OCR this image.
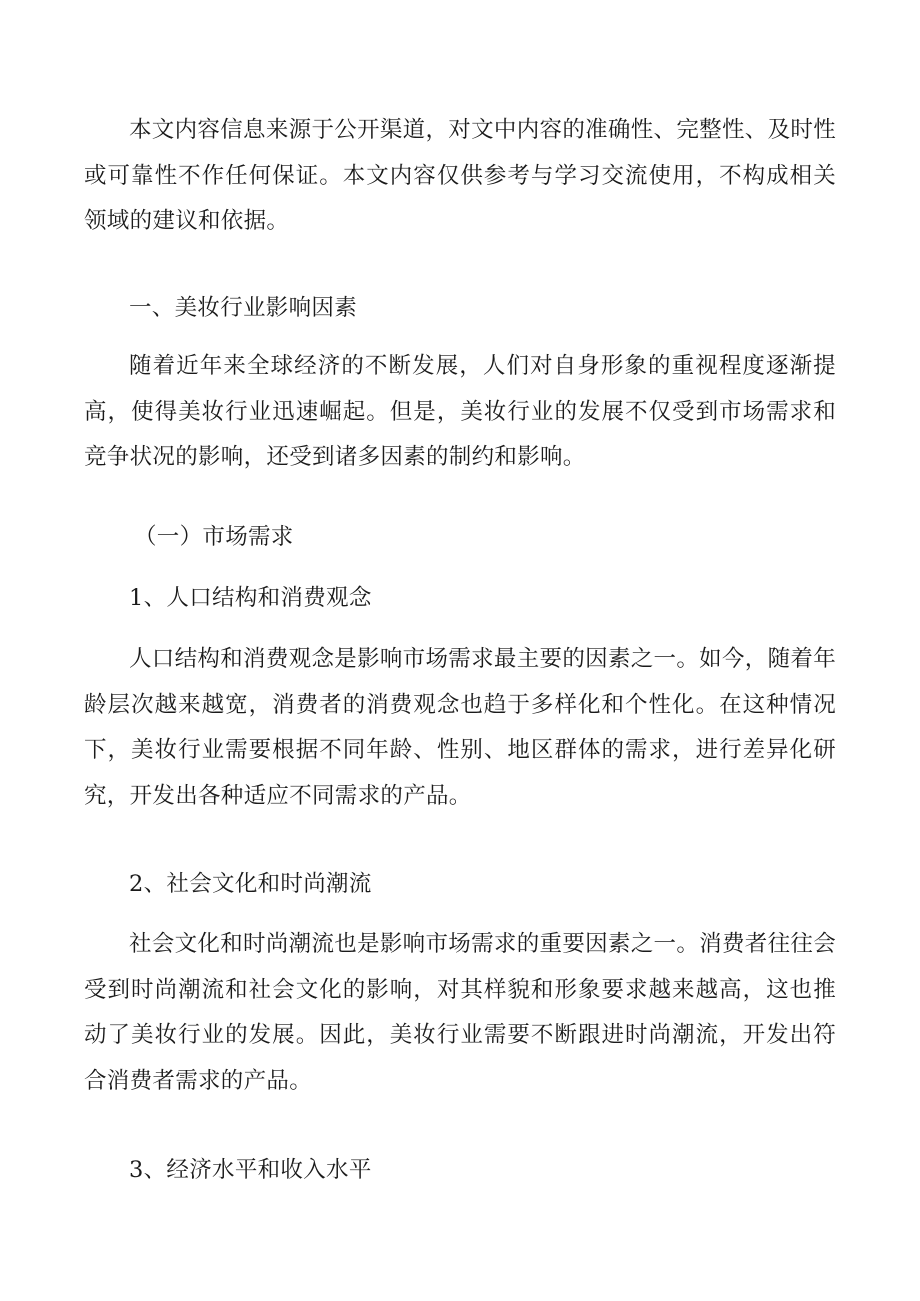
本文内容信息来源于公开渠道，对文中内容的准确性、完整性、及时性或可靠性不作任何保证。本文内容仅供参考与学习交流使用，不构成相关领域的建议和依据。

一、美妆行业影响因素

随着近年来全球经济的不断发展，人们对自身形象的重视程度逐渐提高，使得美妆行业迅速崛起。但是，美妆行业的发展不仅受到市场需求和竞争状况的影响，还受到诸多因素的制约和影响。

（一）市场需求

1、人口结构和消费观念

人口结构和消费观念是影响市场需求最主要的因素之一。如今，随着年龄层次越来越宽，消费者的消费观念也趋于多样化和个性化。在这种情况下，美妆行业需要根据不同年龄、性别、地区群体的需求，进行差异化研究，开发出各种适应不同需求的产品。

2、社会文化和时尚潮流

社会文化和时尚潮流也是影响市场需求的重要因素之一。消费者往往会受到时尚潮流和社会文化的影响，对其样貌和形象要求越来越高，这也推动了美妆行业的发展。因此，美妆行业需要不断跟进时尚潮流，开发出符合消费者需求的产品。

3、经济水平和收入水平
